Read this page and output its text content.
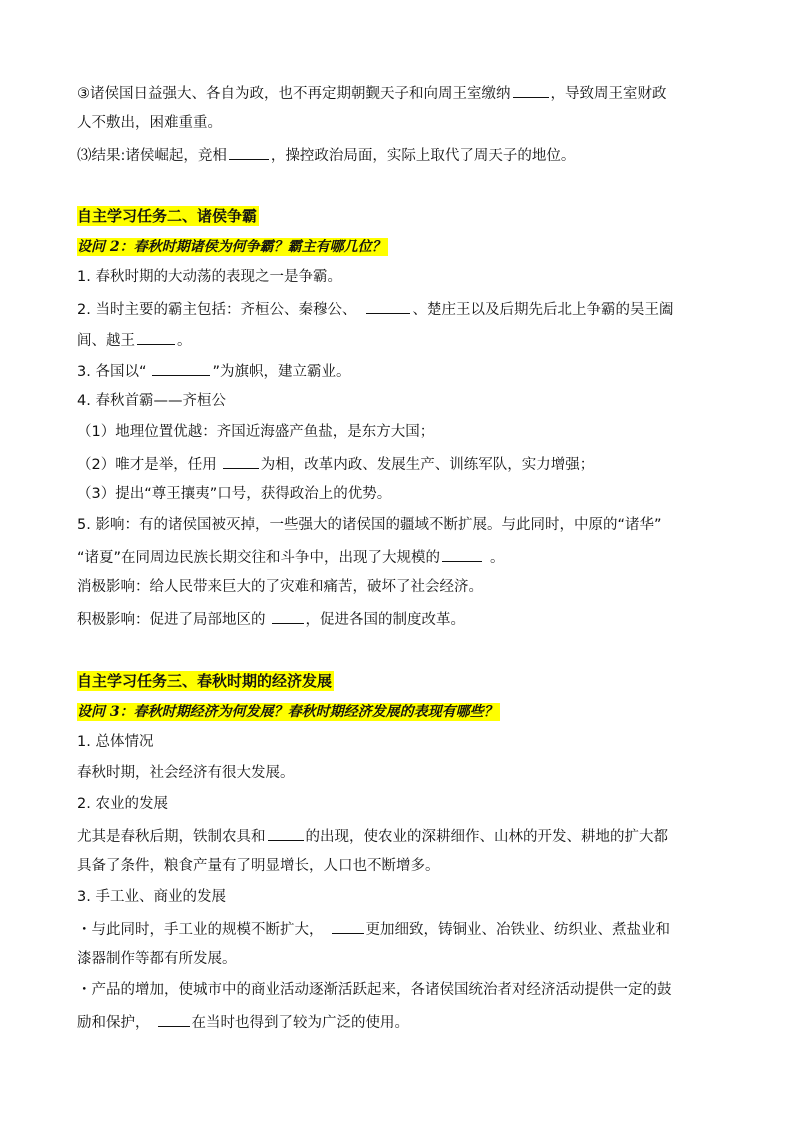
③诸侯国日益强大、各自为政，也不再定期朝觐天子和向周王室缴纳	，导致周王室财政
人不敷出，困难重重。
⑶结果:诸侯崛起，竞相	，操控政治局面，实际上取代了周天子的地位。
自主学习任务二、诸侯争霸
设问 2：春秋时期诸侯为何争霸？霸主有哪几位？
1. 春秋时期的大动荡的表现之一是争霸。
2. 当时主要的霸主包括：齐桓公、秦穆公、	、楚庄王以及后期先后北上争霸的吴王阖
闾、越王	。
3. 各国以“	”为旗帜，建立霸业。
4. 春秋首霸——齐桓公
（1）地理位置优越：齐国近海盛产鱼盐，是东方大国；
（2）唯才是举，任用	为相，改革内政、发展生产、训练军队，实力增强；
（3）提出“尊王攘夷”口号，获得政治上的优势。
5. 影响：有的诸侯国被灭掉，一些强大的诸侯国的疆域不断扩展。与此同时，中原的“诸华”
“诸夏”在同周边民族长期交往和斗争中，出现了大规模的	。
消极影响：给人民带来巨大的了灾难和痛苦，破坏了社会经济。
积极影响：促进了局部地区的	，促进各国的制度改革。
自主学习任务三、春秋时期的经济发展
设问 3：春秋时期经济为何发展？春秋时期经济发展的表现有哪些？
1. 总体情况
春秋时期，社会经济有很大发展。
2. 农业的发展
尤其是春秋后期，铁制农具和	的出现，使农业的深耕细作、山林的开发、耕地的扩大都
具备了条件，粮食产量有了明显增长，人口也不断增多。
3. 手工业、商业的发展
・与此同时，手工业的规模不断扩大，	更加细致，铸铜业、冶铁业、纺织业、煮盐业和
漆器制作等都有所发展。
・产品的增加，使城市中的商业活动逐渐活跃起来，各诸侯国统治者对经济活动提供一定的鼓
励和保护，	在当时也得到了较为广泛的使用。
